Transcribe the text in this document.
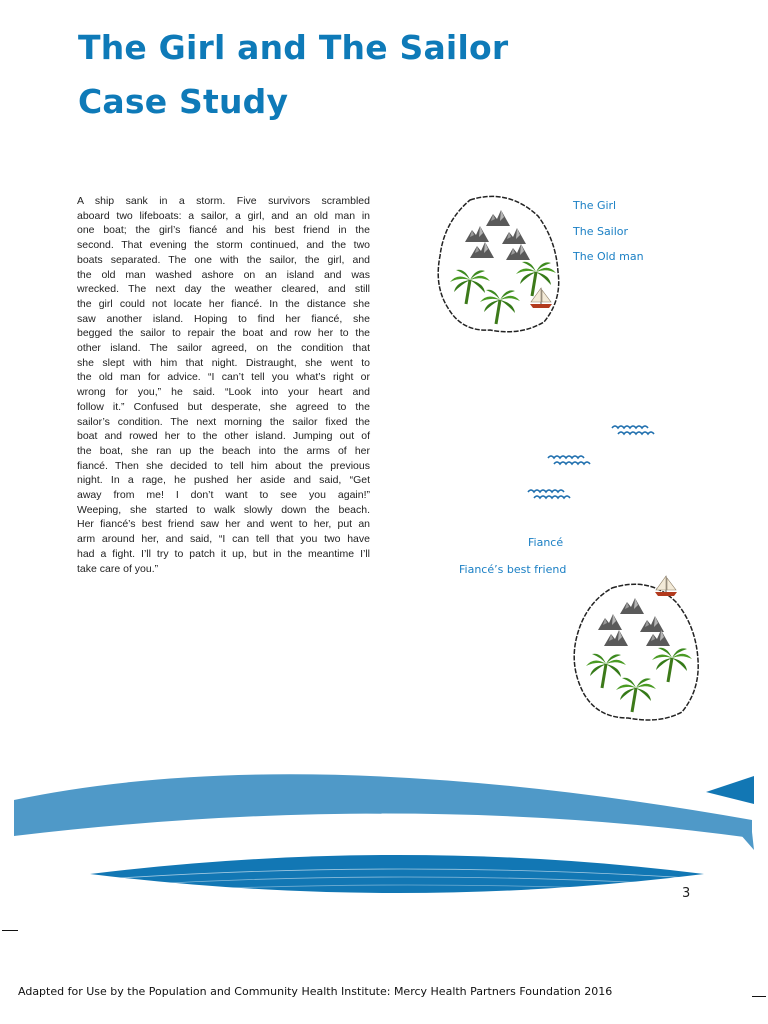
The Girl and The Sailor
Case Study
A ship sank in a storm. Five survivors scrambled
aboard two lifeboats: a sailor, a girl, and an old man in
one boat; the girl’s fiancé and his best friend in the
second. That evening the storm continued, and the two
boats separated. The one with the sailor, the girl, and
the old man washed ashore on an island and was
wrecked. The next day the weather cleared, and still
the girl could not locate her fiancé. In the distance she
saw another island. Hoping to find her fiancé, she
begged the sailor to repair the boat and row her to the
other island. The sailor agreed, on the condition that
she slept with him that night. Distraught, she went to
the old man for advice. “I can’t tell you what’s right or
wrong for you,” he said. “Look into your heart and
follow it.” Confused but desperate, she agreed to the
sailor’s condition. The next morning the sailor fixed the
boat and rowed her to the other island. Jumping out of
the boat, she ran up the beach into the arms of her
fiancé. Then she decided to tell him about the previous
night. In a rage, he pushed her aside and said, “Get
away from me! I don’t want to see you again!”
Weeping, she started to walk slowly down the beach.
Her fiancé’s best friend saw her and went to her, put an
arm around her, and said, “I can tell that you two have
had a fight. I’ll try to patch it up, but in the meantime I’ll
take care of you.”
The Girl
The Sailor
The Old man
Fiancé
Fiancé’s best friend
3
Adapted for Use by the Population and Community Health Institute: Mercy Health Partners Foundation 2016
